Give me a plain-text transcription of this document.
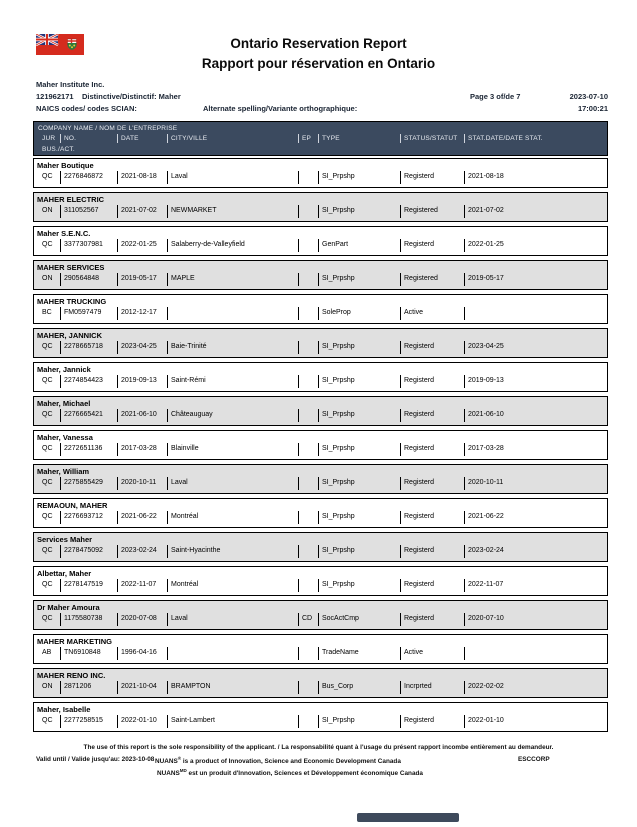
Ontario Reservation Report
Rapport pour réservation en Ontario
Maher Institute Inc.
121962171 Distinctive/Distinctif: Maher	Page 3 of/de 7	2023-07-10
NAICS codes/ codes SCIAN:	Alternate spelling/Variante orthographique:	17:00:21
COMPANY NAME / NOM DE L'ENTREPRISE
JUR NO.	DATE	CITY/VILLE	EP TYPE	STATUS/STATUT STAT.DATE/DATE STAT.
BUS./ACT.
Maher Boutique
QC 2276846872	2021-08-18 Laval	SI_Prpshp	Registerd	2021-08-18
MAHER ELECTRIC
ON 311052567	2021-07-02 NEWMARKET	SI_Prpshp	Registered	2021-07-02
Maher S.E.N.C.
QC 3377307981	2022-01-25 Salaberry-de-Valleyfield	GenPart	Registerd	2022-01-25
MAHER SERVICES
ON 290564848	2019-05-17 MAPLE	SI_Prpshp	Registered	2019-05-17
MAHER TRUCKING
BC FM0597479	2012-12-17	SoleProp	Active
MAHER, JANNICK
QC 2278665718	2023-04-25 Baie-Trinité	SI_Prpshp	Registerd	2023-04-25
Maher, Jannick
QC 2274854423	2019-09-13 Saint-Rémi	SI_Prpshp	Registerd	2019-09-13
Maher, Michael
QC 2276665421	2021-06-10 Châteauguay	SI_Prpshp	Registerd	2021-06-10
Maher, Vanessa
QC 2272651136	2017-03-28 Blainville	SI_Prpshp	Registerd	2017-03-28
Maher, William
QC 2275855429	2020-10-11 Laval	SI_Prpshp	Registerd	2020-10-11
REMAOUN, MAHER
QC 2276693712	2021-06-22 Montréal	SI_Prpshp	Registerd	2021-06-22
Services Maher
QC 2278475092	2023-02-24 Saint-Hyacinthe	SI_Prpshp	Registerd	2023-02-24
Albettar, Maher
QC 2278147519	2022-11-07 Montréal	SI_Prpshp	Registerd	2022-11-07
Dr Maher Amoura
QC 1175580738	2020-07-08 Laval	CD SocActCmp	Registerd	2020-07-10
MAHER MARKETING
AB TN6910848	1996-04-16	TradeName	Active
MAHER RENO INC.
ON 2871206	2021-10-04 BRAMPTON	Bus_Corp	Incrprted	2022-02-02
Maher, Isabelle
QC 2277258515	2022-01-10 Saint-Lambert	SI_Prpshp	Registerd	2022-01-10
The use of this report is the sole responsibility of the applicant. / La responsabilité quant à l'usage du présent rapport incombe entièrement au demandeur.
Valid until / Valide jusqu'au: 2023-10-08 NUANS® is a product of Innovation, Science and Economic Development Canada	ESCCORP
$NUANS^{MD}$ est un produit d'Innovation, Sciences et Développement économique Canada
